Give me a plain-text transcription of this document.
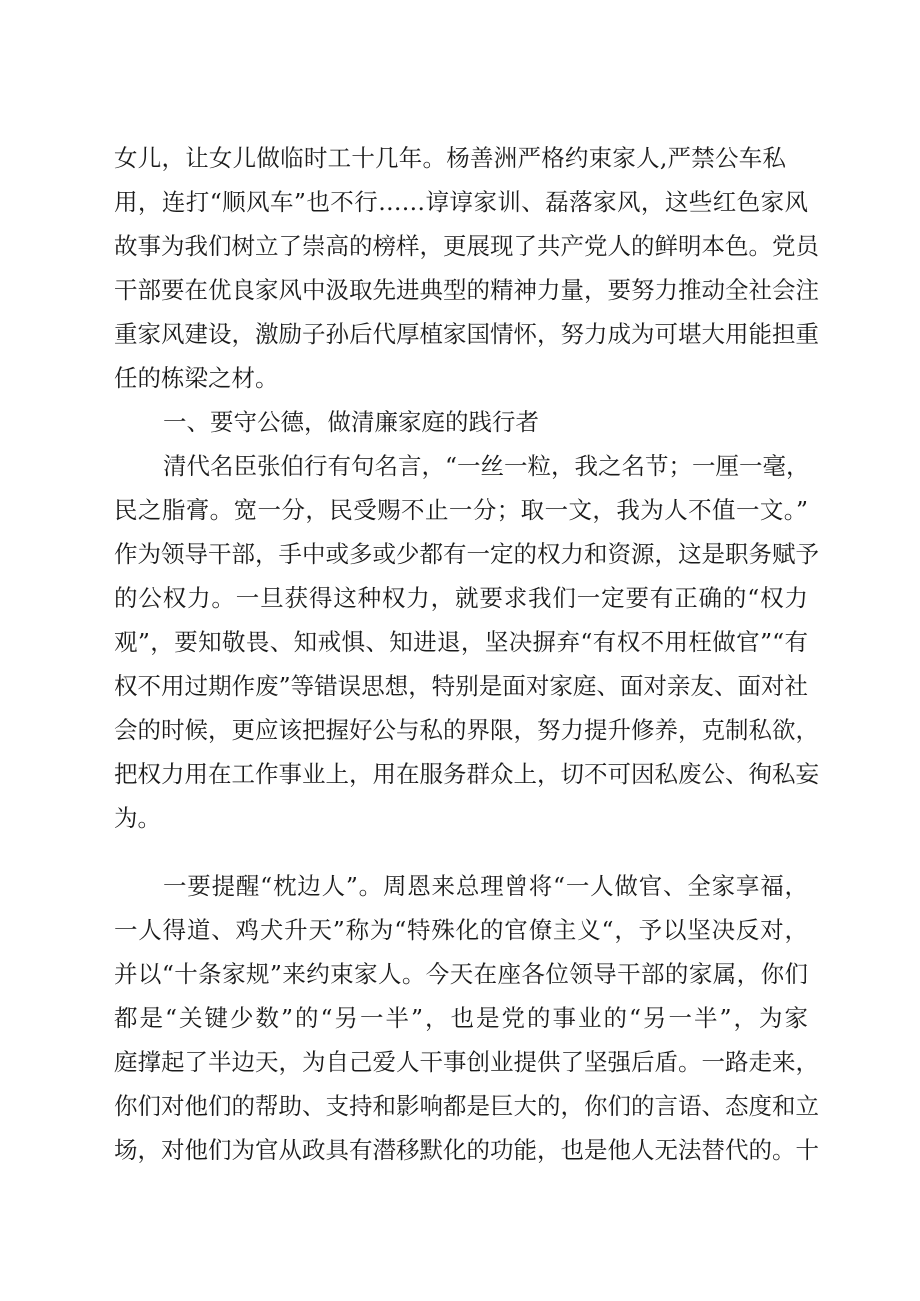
女儿，让女儿做临时工十几年。杨善洲严格约束家人,严禁公车私
用，连打“顺风车”也不行……谆谆家训、磊落家风，这些红色家风
故事为我们树立了崇高的榜样，更展现了共产党人的鲜明本色。党员
干部要在优良家风中汲取先进典型的精神力量，要努力推动全社会注
重家风建设，激励子孙后代厚植家国情怀，努力成为可堪大用能担重
任的栋梁之材。
一、要守公德，做清廉家庭的践行者
清代名臣张伯行有句名言，“一丝一粒，我之名节；一厘一毫，
民之脂膏。宽一分，民受赐不止一分；取一文，我为人不值一文。”
作为领导干部，手中或多或少都有一定的权力和资源，这是职务赋予
的公权力。一旦获得这种权力，就要求我们一定要有正确的“权力
观”，要知敬畏、知戒惧、知进退，坚决摒弃“有权不用枉做官”“有
权不用过期作废”等错误思想，特别是面对家庭、面对亲友、面对社
会的时候，更应该把握好公与私的界限，努力提升修养，克制私欲，
把权力用在工作事业上，用在服务群众上，切不可因私废公、徇私妄
为。
一要提醒“枕边人”。周恩来总理曾将“一人做官、全家享福，
一人得道、鸡犬升天”称为“特殊化的官僚主义“，予以坚决反对，
并以“十条家规”来约束家人。今天在座各位领导干部的家属，你们
都是“关键少数”的“另一半”，也是党的事业的“另一半”，为家
庭撑起了半边天，为自己爱人干事创业提供了坚强后盾。一路走来，
你们对他们的帮助、支持和影响都是巨大的，你们的言语、态度和立
场，对他们为官从政具有潜移默化的功能，也是他人无法替代的。十
